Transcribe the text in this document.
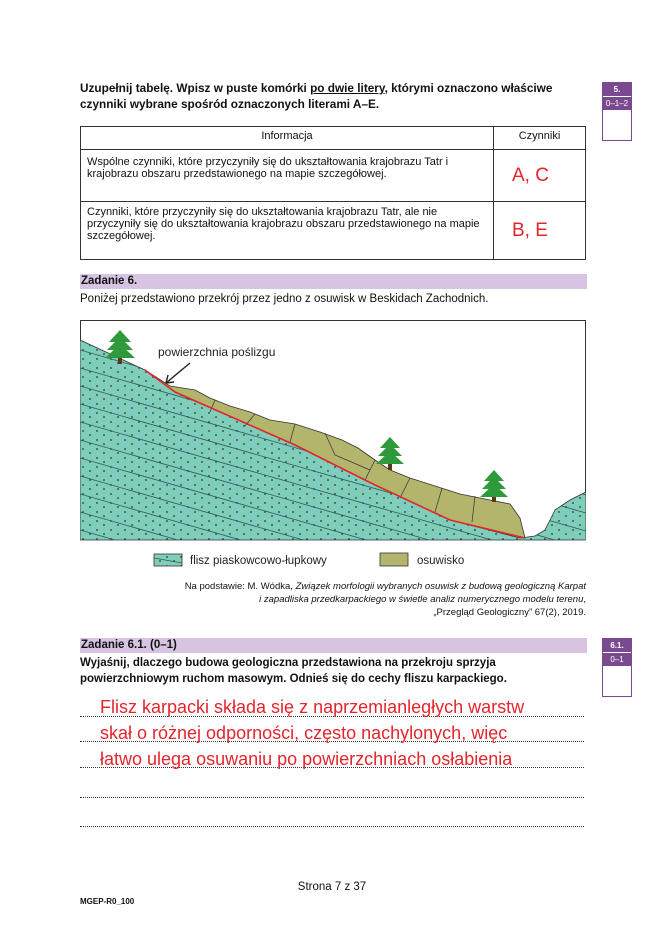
Uzupełnij tabelę. Wpisz w puste komórki po dwie litery, którymi oznaczono właściwe czynniki wybrane spośród oznaczonych literami A–E.
5.
0–1–2
Informacja	Czynniki
Wspólne czynniki, które przyczyniły się do ukształtowania krajobrazu Tatr i krajobrazu obszaru przedstawionego na mapie szczegółowej.	A, C
Czynniki, które przyczyniły się do ukształtowania krajobrazu Tatr, ale nie przyczyniły się do ukształtowania krajobrazu obszaru przedstawionego na mapie szczegółowej.	B, E
Zadanie 6.
Poniżej przedstawiono przekrój przez jedno z osuwisk w Beskidach Zachodnich.
powierzchnia poślizgu
flisz piaskowcowo-łupkowy	osuwisko
Na podstawie: M. Wódka, Związek morfologii wybranych osuwisk z budową geologiczną Karpat
i zapadliska przedkarpackiego w świetle analiz numerycznego modelu terenu,
„Przegląd Geologiczny” 67(2), 2019.
Zadanie 6.1. (0–1)
Wyjaśnij, dlaczego budowa geologiczna przedstawiona na przekroju sprzyja powierzchniowym ruchom masowym. Odnieś się do cechy fliszu karpackiego.
6.1.
0–1
Flisz karpacki składa się z naprzemianległych warstw
skał o różnej odporności, często nachylonych, więc
łatwo ulega osuwaniu po powierzchniach osłabienia
Strona 7 z 37
MGEP-R0_100
